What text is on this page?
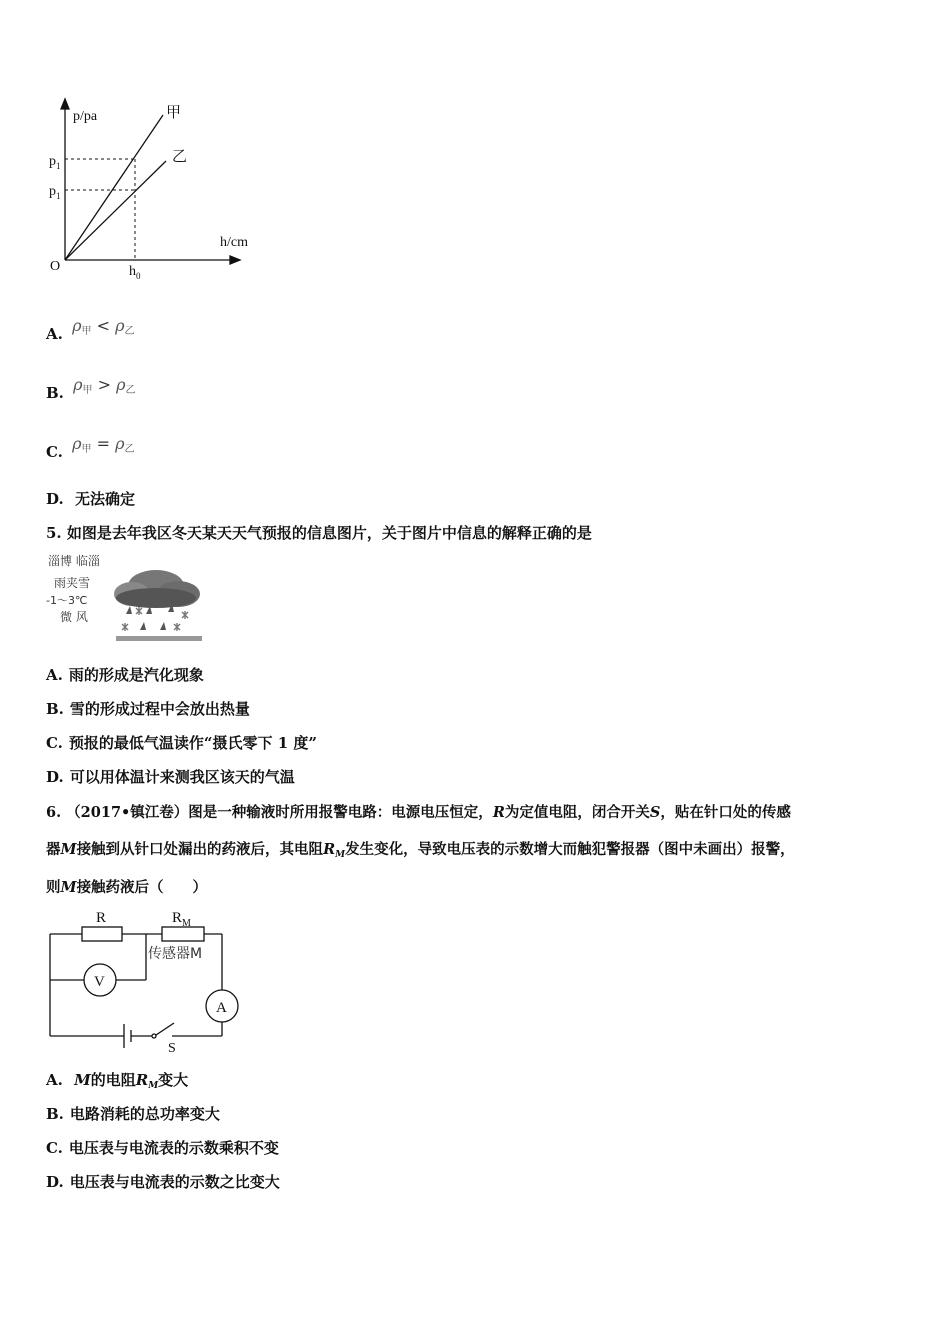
p/pa
h/cm
O	$h_0$
$p_1$
$p_1$
甲
乙
A. $\rho_甲 < \rho_乙$
B. $\rho_甲 > \rho_乙$
C. $\rho_甲 = \rho_乙$
D. 无法确定
5. 如图是去年我区冬天某天天气预报的信息图片，关于图片中信息的解释正确的是
淄博 临淄
雨夹雪
-1～3℃
微 风
A. 雨的形成是汽化现象
B. 雪的形成过程中会放出热量
C. 预报的最低气温读作“摄氏零下 1 度”
D. 可以用体温计来测我区该天的气温
6. （2017•镇江卷）图是一种输液时所用报警电路：电源电压恒定，R为定值电阻，闭合开关S，贴在针口处的传感
器M接触到从针口处漏出的药液后，其电阻$R_M$发生变化，导致电压表的示数增大而触犯警报器（图中未画出）报警，
则M接触药液后（　　）
R	$R_M$
传感器M
V
A
S
A. M的电阻$R_M$变大
B. 电路消耗的总功率变大
C. 电压表与电流表的示数乘积不变
D. 电压表与电流表的示数之比变大
